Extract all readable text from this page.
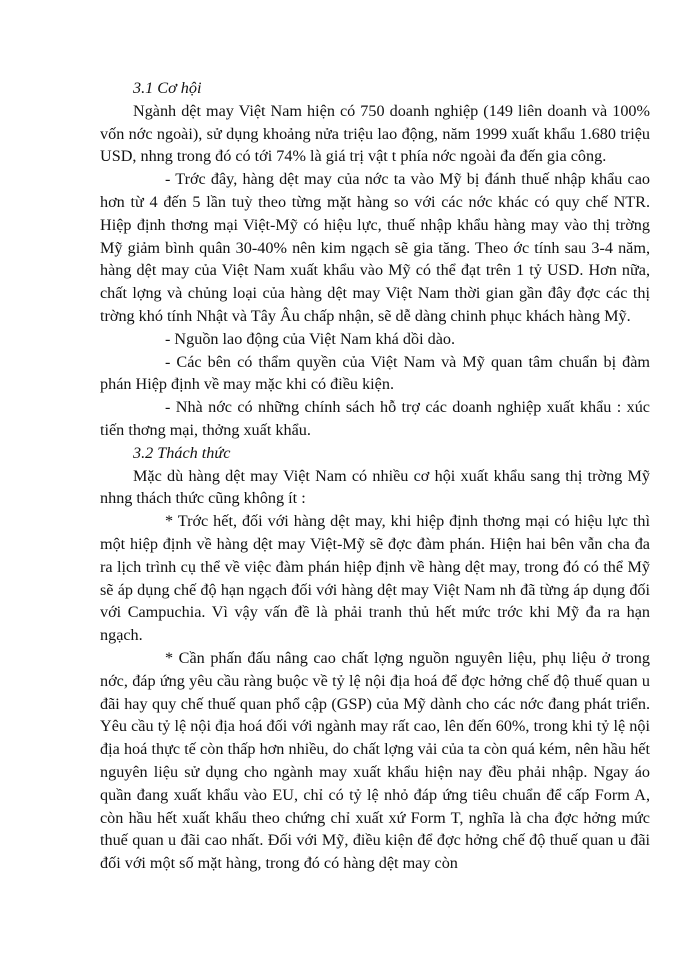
3.1 Cơ hội

Ngành dệt may Việt Nam hiện có 750 doanh nghiệp (149 liên doanh và 100% vốn nớc ngoài), sử dụng khoảng nửa triệu lao động, năm 1999 xuất khẩu 1.680 triệu USD, nhng trong đó có tới 74% là giá trị vật t phía nớc ngoài đa đến gia công.

- Trớc đây, hàng dệt may của nớc ta vào Mỹ bị đánh thuế nhập khẩu cao hơn từ 4 đến 5 lần tuỳ theo từng mặt hàng so với các nớc khác có quy chế NTR. Hiệp định thơng mại Việt-Mỹ có hiệu lực, thuế nhập khẩu hàng may vào thị trờng Mỹ giảm bình quân 30-40% nên kim ngạch sẽ gia tăng. Theo ớc tính sau 3-4 năm, hàng dệt may của Việt Nam xuất khẩu vào Mỹ có thể đạt trên 1 tỷ USD. Hơn nữa, chất lợng và chủng loại của hàng dệt may Việt Nam thời gian gần đây đợc các thị trờng khó tính Nhật và Tây Âu chấp nhận, sẽ dễ dàng chinh phục khách hàng Mỹ.

- Nguồn lao động của Việt Nam khá dồi dào.

- Các bên có thẩm quyền của Việt Nam và Mỹ quan tâm chuẩn bị đàm phán Hiệp định về may mặc khi có điều kiện.

- Nhà nớc có những chính sách hỗ trợ các doanh nghiệp xuất khẩu : xúc tiến thơng mại, thởng xuất khẩu.

3.2 Thách thức

Mặc dù hàng dệt may Việt Nam có nhiều cơ hội xuất khẩu sang thị trờng Mỹ nhng thách thức cũng không ít :

* Trớc hết, đối với hàng dệt may, khi hiệp định thơng mại có hiệu lực thì một hiệp định về hàng dệt may Việt-Mỹ sẽ đợc đàm phán. Hiện hai bên vẫn cha đa ra lịch trình cụ thể về việc đàm phán hiệp định về hàng dệt may, trong đó có thể Mỹ sẽ áp dụng chế độ hạn ngạch đối với hàng dệt may Việt Nam nh đã từng áp dụng đối với Campuchia. Vì vậy vấn đề là phải tranh thủ hết mức trớc khi Mỹ đa ra hạn ngạch.

* Cần phấn đấu nâng cao chất lợng nguồn nguyên liệu, phụ liệu ở trong nớc, đáp ứng yêu cầu ràng buộc về tỷ lệ nội địa hoá để đợc hởng chế độ thuế quan u đãi hay quy chế thuế quan phổ cập (GSP) của Mỹ dành cho các nớc đang phát triển. Yêu cầu tỷ lệ nội địa hoá đối với ngành may rất cao, lên đến 60%, trong khi tỷ lệ nội địa hoá thực tế còn thấp hơn nhiều, do chất lợng vải của ta còn quá kém, nên hầu hết nguyên liệu sử dụng cho ngành may xuất khẩu hiện nay đều phải nhập. Ngay áo quần đang xuất khẩu vào EU, chỉ có tỷ lệ nhỏ đáp ứng tiêu chuẩn để cấp Form A, còn hầu hết xuất khẩu theo chứng chỉ xuất xứ Form T, nghĩa là cha đợc hởng mức thuế quan u đãi cao nhất. Đối với Mỹ, điều kiện để đợc hởng chế độ thuế quan u đãi đối với một số mặt hàng, trong đó có hàng dệt may còn
